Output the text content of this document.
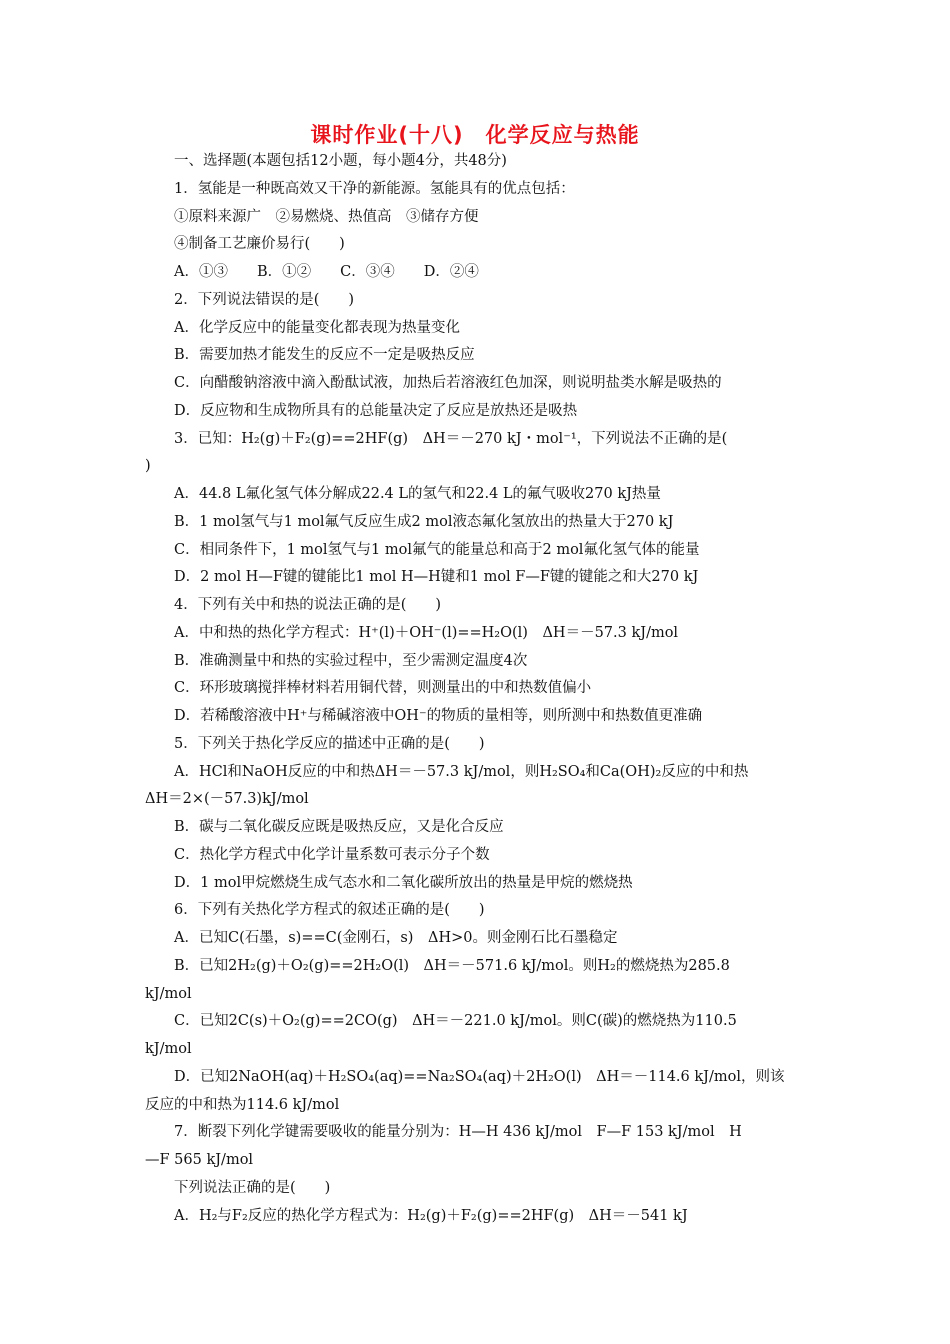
课时作业(十八)　化学反应与热能

一、选择题(本题包括12小题，每小题4分，共48分)

1．氢能是一种既高效又干净的新能源。氢能具有的优点包括：

①原料来源广　②易燃烧、热值高　③储存方便

④制备工艺廉价易行(　　)

A．①③　　B．①②　　C．③④　　D．②④

2．下列说法错误的是(　　)

A．化学反应中的能量变化都表现为热量变化

B．需要加热才能发生的反应不一定是吸热反应

C．向醋酸钠溶液中滴入酚酞试液，加热后若溶液红色加深，则说明盐类水解是吸热的

D．反应物和生成物所具有的总能量决定了反应是放热还是吸热

3．已知：H₂(g)＋F₂(g)==2HF(g)　ΔH＝－270 kJ・mol⁻¹，下列说法不正确的是(

)

A．44.8 L氟化氢气体分解成22.4 L的氢气和22.4 L的氟气吸收270 kJ热量

B．1 mol氢气与1 mol氟气反应生成2 mol液态氟化氢放出的热量大于270 kJ

C．相同条件下，1 mol氢气与1 mol氟气的能量总和高于2 mol氟化氢气体的能量

D．2 mol H—F键的键能比1 mol H—H键和1 mol F—F键的键能之和大270 kJ

4．下列有关中和热的说法正确的是(　　)

A．中和热的热化学方程式：H⁺(l)＋OH⁻(l)==H₂O(l)　ΔH＝－57.3 kJ/mol

B．准确测量中和热的实验过程中，至少需测定温度4次

C．环形玻璃搅拌棒材料若用铜代替，则测量出的中和热数值偏小

D．若稀酸溶液中H⁺与稀碱溶液中OH⁻的物质的量相等，则所测中和热数值更准确

5．下列关于热化学反应的描述中正确的是(　　)

A．HCl和NaOH反应的中和热ΔH＝－57.3 kJ/mol，则H₂SO₄和Ca(OH)₂反应的中和热

ΔH＝2×(－57.3)kJ/mol

B．碳与二氧化碳反应既是吸热反应，又是化合反应

C．热化学方程式中化学计量系数可表示分子个数

D．1 mol甲烷燃烧生成气态水和二氧化碳所放出的热量是甲烷的燃烧热

6．下列有关热化学方程式的叙述正确的是(　　)

A．已知C(石墨，s)==C(金刚石，s)　ΔH>0。则金刚石比石墨稳定

B．已知2H₂(g)＋O₂(g)==2H₂O(l)　ΔH＝－571.6 kJ/mol。则H₂的燃烧热为285.8

kJ/mol

C．已知2C(s)＋O₂(g)==2CO(g)　ΔH＝－221.0 kJ/mol。则C(碳)的燃烧热为110.5

kJ/mol

D．已知2NaOH(aq)＋H₂SO₄(aq)==Na₂SO₄(aq)＋2H₂O(l)　ΔH＝－114.6 kJ/mol，则该

反应的中和热为114.6 kJ/mol

7．断裂下列化学键需要吸收的能量分别为：H—H 436 kJ/mol　F—F 153 kJ/mol　H

—F 565 kJ/mol

下列说法正确的是(　　)

A．H₂与F₂反应的热化学方程式为：H₂(g)＋F₂(g)==2HF(g)　ΔH＝－541 kJ
